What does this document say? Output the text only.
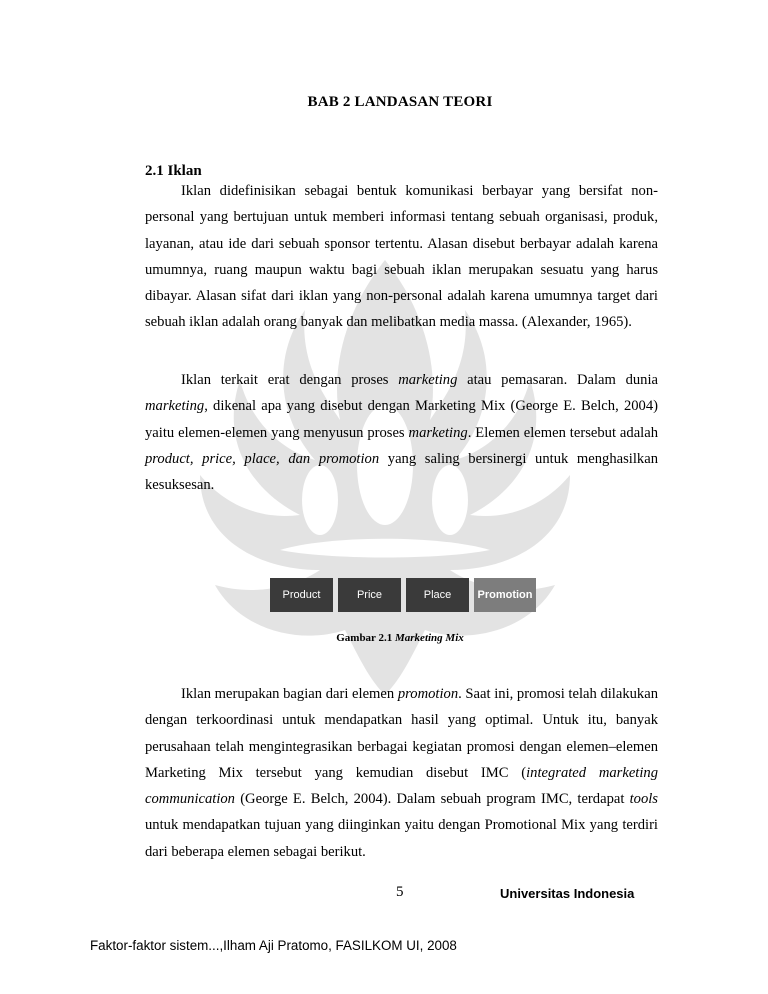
BAB 2 LANDASAN TEORI
2.1 Iklan

Iklan didefinisikan sebagai bentuk komunikasi berbayar yang bersifat non-personal yang bertujuan untuk memberi informasi tentang sebuah organisasi, produk, layanan, atau ide dari sebuah sponsor tertentu. Alasan disebut berbayar adalah karena umumnya, ruang maupun waktu bagi sebuah iklan merupakan sesuatu yang harus dibayar. Alasan sifat dari iklan yang non-personal adalah karena umumnya target dari sebuah iklan adalah orang banyak dan melibatkan media massa. (Alexander, 1965).

Iklan terkait erat dengan proses marketing atau pemasaran. Dalam dunia marketing, dikenal apa yang disebut dengan Marketing Mix (George E. Belch, 2004) yaitu elemen-elemen yang menyusun proses marketing. Elemen elemen tersebut adalah product, price, place, dan promotion yang saling bersinergi untuk menghasilkan kesuksesan.

Product	Price	Place	Promotion
Gambar 2.1 Marketing Mix

Iklan merupakan bagian dari elemen promotion. Saat ini, promosi telah dilakukan dengan terkoordinasi untuk mendapatkan hasil yang optimal. Untuk itu, banyak perusahaan telah mengintegrasikan berbagai kegiatan promosi dengan elemen–elemen Marketing Mix tersebut yang kemudian disebut IMC (integrated marketing communication (George E. Belch, 2004). Dalam sebuah program IMC, terdapat tools untuk mendapatkan tujuan yang diinginkan yaitu dengan Promotional Mix yang terdiri dari beberapa elemen sebagai berikut.

5	Universitas Indonesia
Faktor-faktor sistem...,Ilham Aji Pratomo, FASILKOM UI, 2008
